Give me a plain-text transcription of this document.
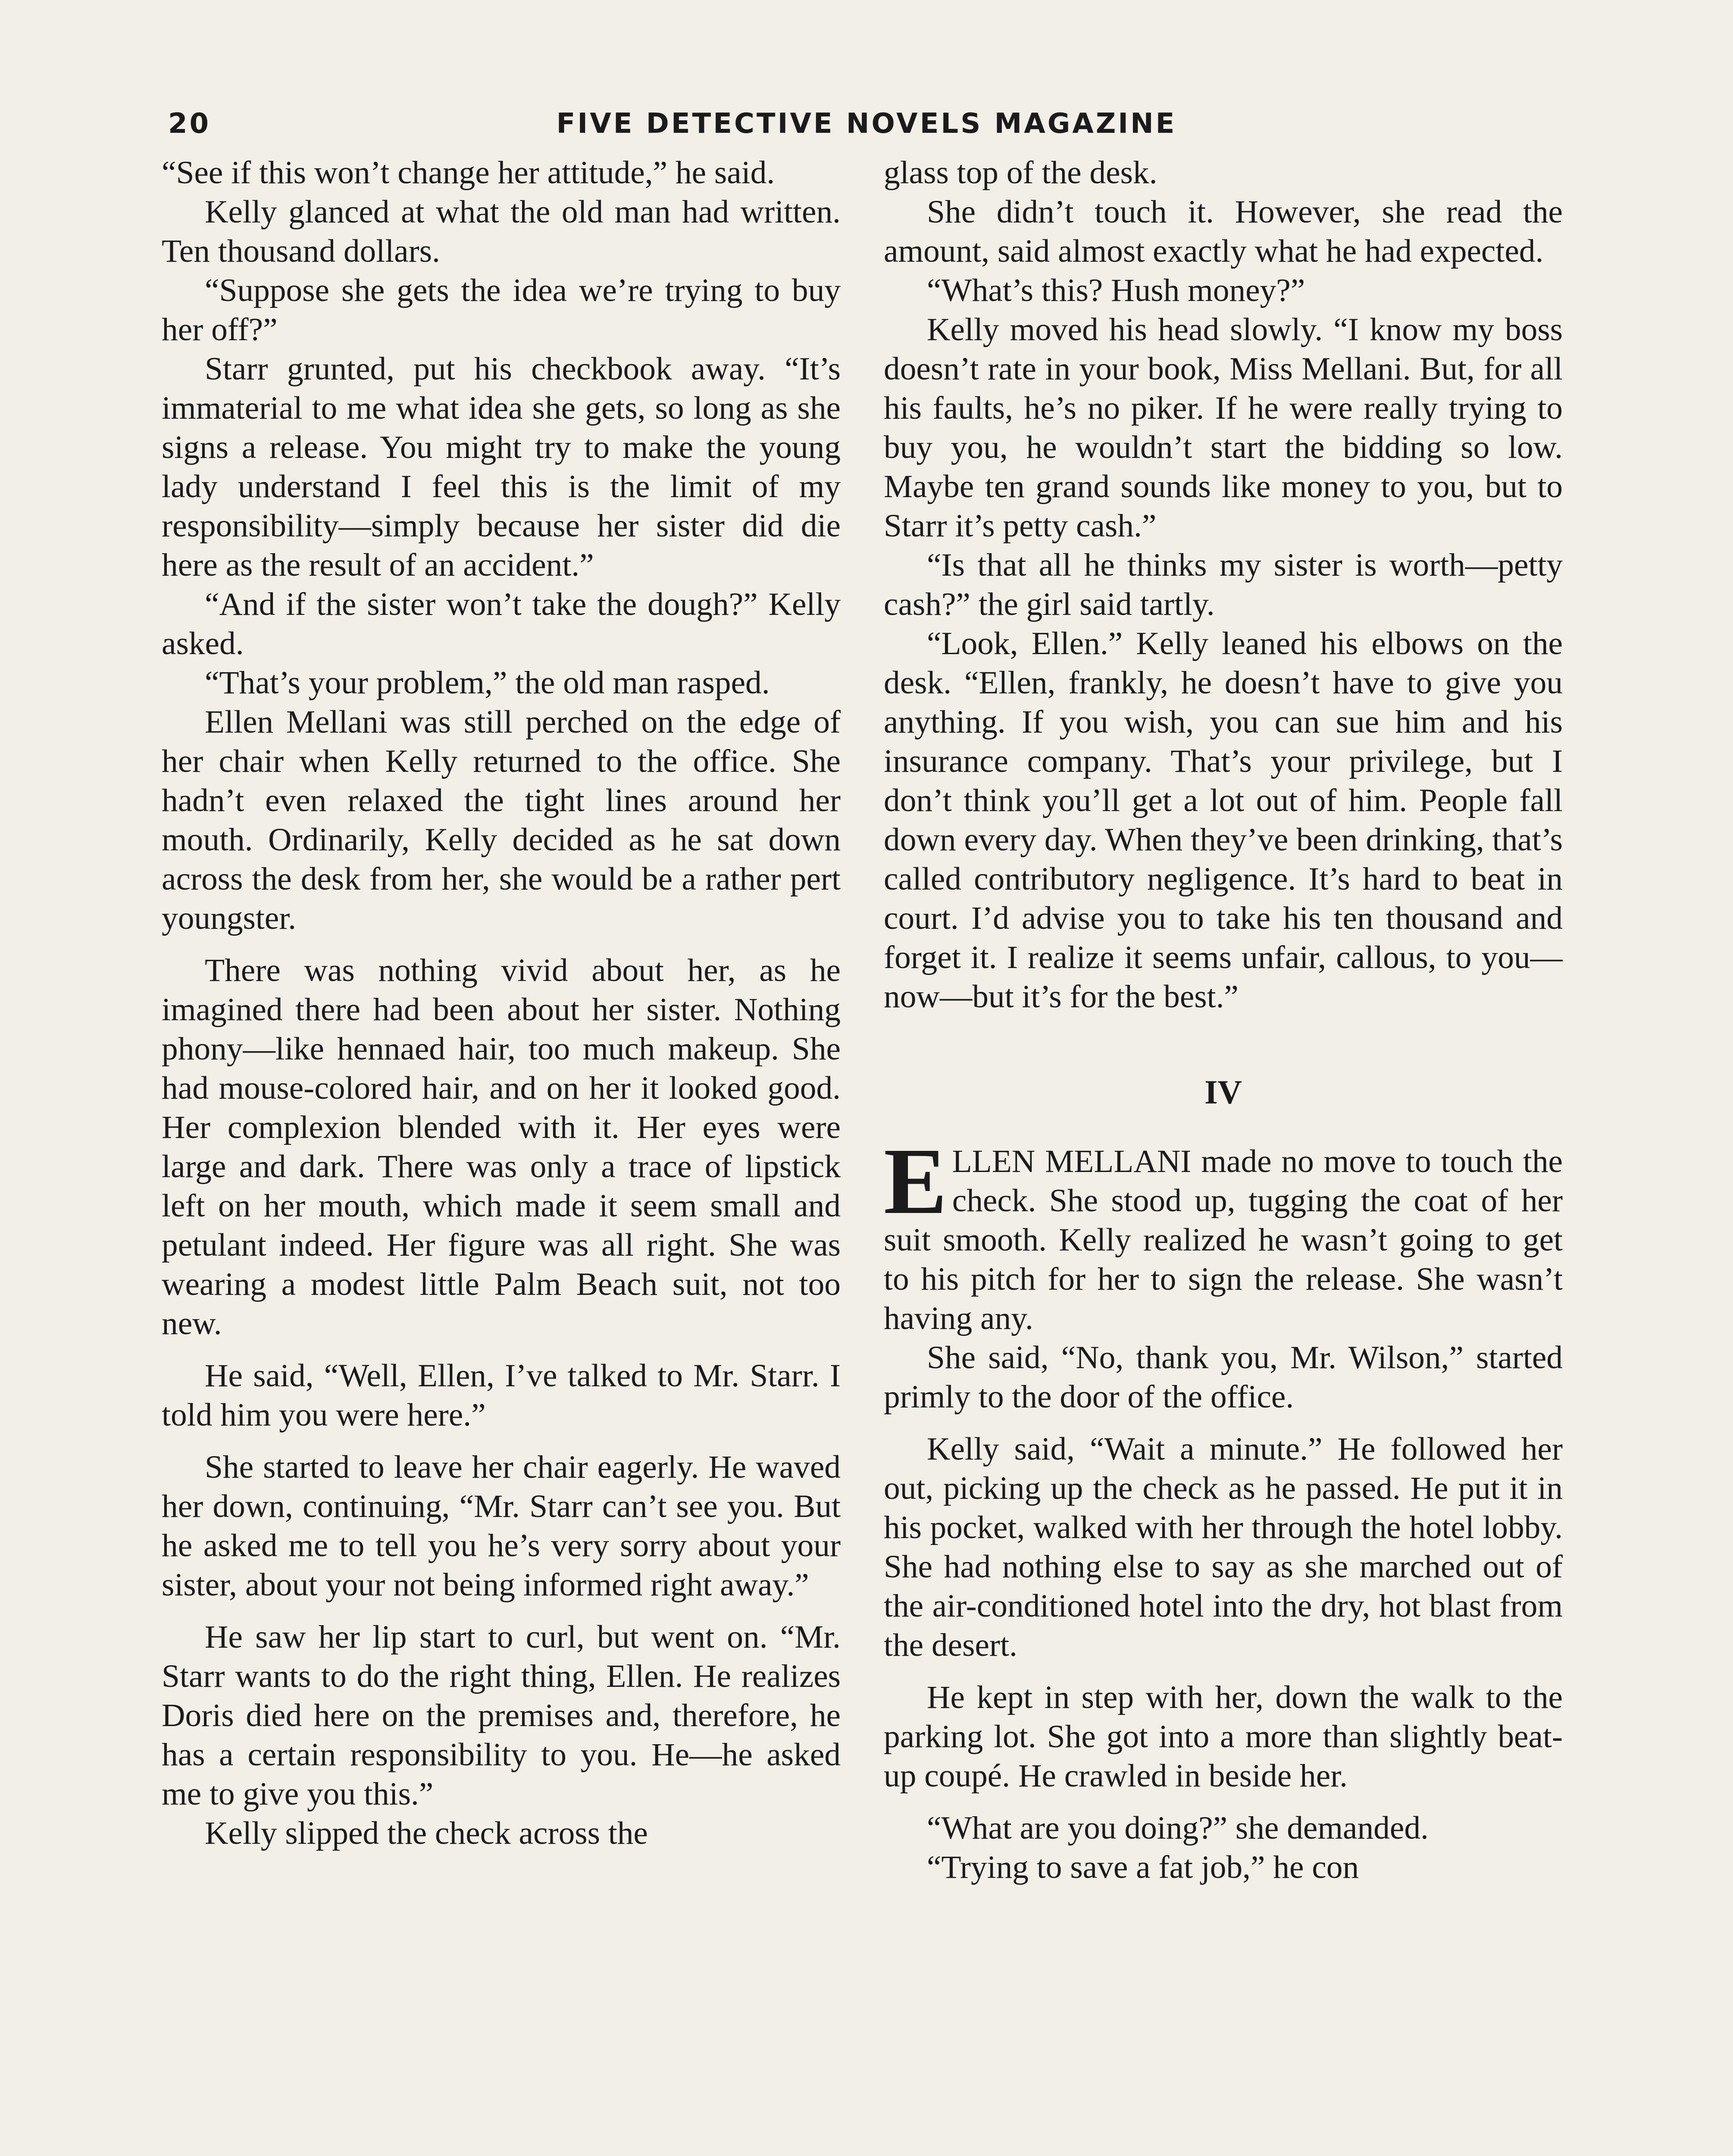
20	FIVE DETECTIVE NOVELS MAGAZINE

“See if this won’t change her attitude,” he said.

Kelly glanced at what the old man had written. Ten thousand dollars.

“Suppose she gets the idea we’re trying to buy her off?”

Starr grunted, put his checkbook away. “It’s immaterial to me what idea she gets, so long as she signs a release. You might try to make the young lady understand I feel this is the limit of my responsibility—simply because her sister did die here as the result of an accident.”

“And if the sister won’t take the dough?” Kelly asked.

“That’s your problem,” the old man rasped.

Ellen Mellani was still perched on the edge of her chair when Kelly returned to the office. She hadn’t even relaxed the tight lines around her mouth. Ordinarily, Kelly decided as he sat down across the desk from her, she would be a rather pert youngster.

There was nothing vivid about her, as he imagined there had been about her sister. Nothing phony—like hennaed hair, too much makeup. She had mouse-colored hair, and on her it looked good. Her complexion blended with it. Her eyes were large and dark. There was only a trace of lipstick left on her mouth, which made it seem small and petulant indeed. Her figure was all right. She was wearing a modest little Palm Beach suit, not too new.

He said, “Well, Ellen, I’ve talked to Mr. Starr. I told him you were here.”

She started to leave her chair eagerly. He waved her down, continuing, “Mr. Starr can’t see you. But he asked me to tell you he’s very sorry about your sister, about your not being informed right away.”

He saw her lip start to curl, but went on. “Mr. Starr wants to do the right thing, Ellen. He realizes Doris died here on the premises and, therefore, he has a certain responsibility to you. He—he asked me to give you this.”

Kelly slipped the check across the

glass top of the desk.

She didn’t touch it. However, she read the amount, said almost exactly what he had expected.

“What’s this? Hush money?”

Kelly moved his head slowly. “I know my boss doesn’t rate in your book, Miss Mellani. But, for all his faults, he’s no piker. If he were really trying to buy you, he wouldn’t start the bidding so low. Maybe ten grand sounds like money to you, but to Starr it’s petty cash.”

“Is that all he thinks my sister is worth—petty cash?” the girl said tartly.

“Look, Ellen.” Kelly leaned his elbows on the desk. “Ellen, frankly, he doesn’t have to give you anything. If you wish, you can sue him and his insurance company. That’s your privilege, but I don’t think you’ll get a lot out of him. People fall down every day. When they’ve been drinking, that’s called contributory negligence. It’s hard to beat in court. I’d advise you to take his ten thousand and forget it. I realize it seems unfair, callous, to you—now—but it’s for the best.”

IV

ELLEN MELLANI made no move to touch the check. She stood up, tugging the coat of her suit smooth. Kelly realized he wasn’t going to get to his pitch for her to sign the release. She wasn’t having any.

She said, “No, thank you, Mr. Wilson,” started primly to the door of the office.

Kelly said, “Wait a minute.” He followed her out, picking up the check as he passed. He put it in his pocket, walked with her through the hotel lobby. She had nothing else to say as she marched out of the air-conditioned hotel into the dry, hot blast from the desert.

He kept in step with her, down the walk to the parking lot. She got into a more than slightly beat-up coupé. He crawled in beside her.

“What are you doing?” she demanded.

“Trying to save a fat job,” he con
